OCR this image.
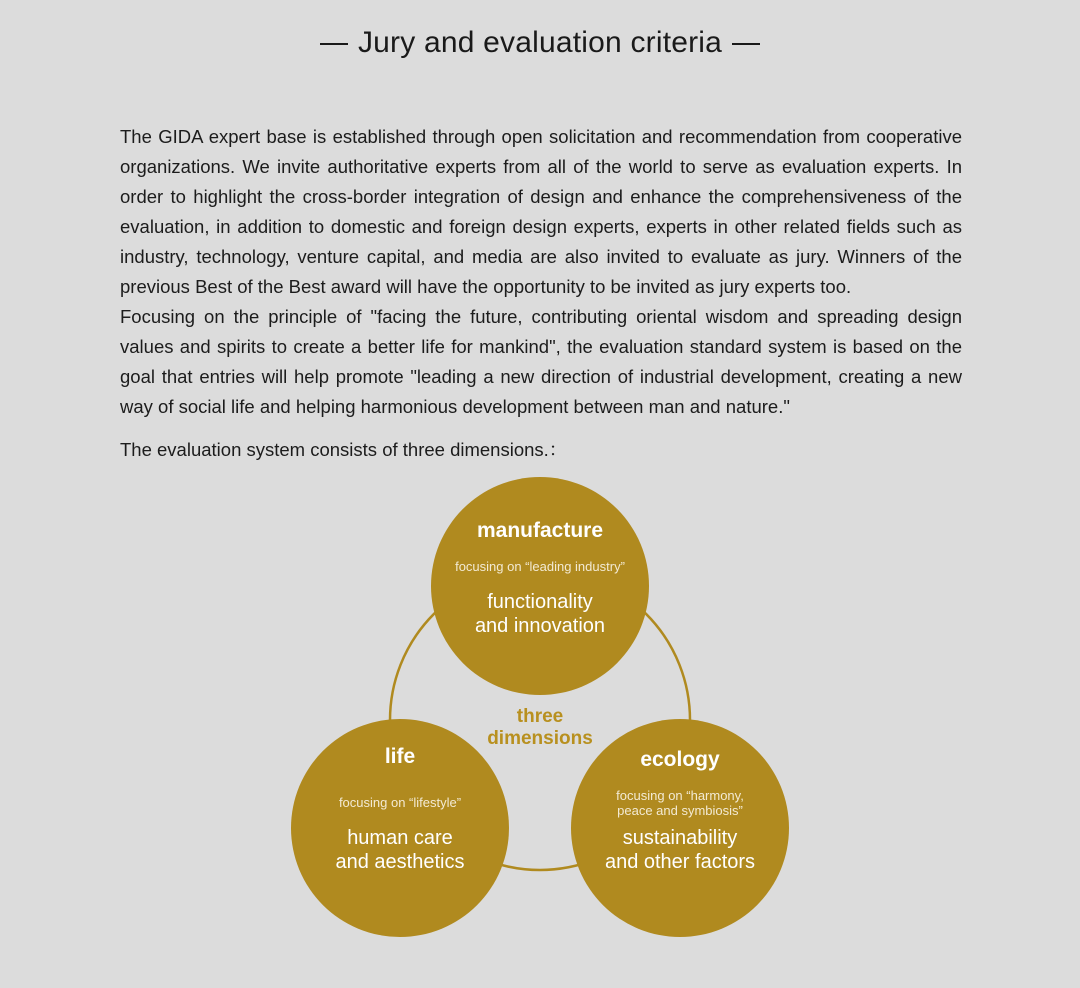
Jury and evaluation criteria

The GIDA expert base is established through open solicitation and recommendation from cooperative organizations. We invite authoritative experts from all of the world to serve as evaluation experts. In order to highlight the cross-border integration of design and enhance the comprehensiveness of the evaluation, in addition to domestic and foreign design experts, experts in other related fields such as industry, technology, venture capital, and media are also invited to evaluate as jury. Winners of the previous Best of the Best award will have the opportunity to be invited as jury experts too.

Focusing on the principle of "facing the future, contributing oriental wisdom and spreading design values and spirits to create a better life for mankind", the evaluation standard system is based on the goal that entries will help promote "leading a new direction of industrial development, creating a new way of social life and helping harmonious development between man and nature."

The evaluation system consists of three dimensions.：
manufacture
focusing on “leading industry”
functionality
and innovation
life
focusing on “lifestyle”
human care
and aesthetics
ecology
focusing on “harmony,
peace and symbiosis”
sustainability
and other factors
three
dimensions
